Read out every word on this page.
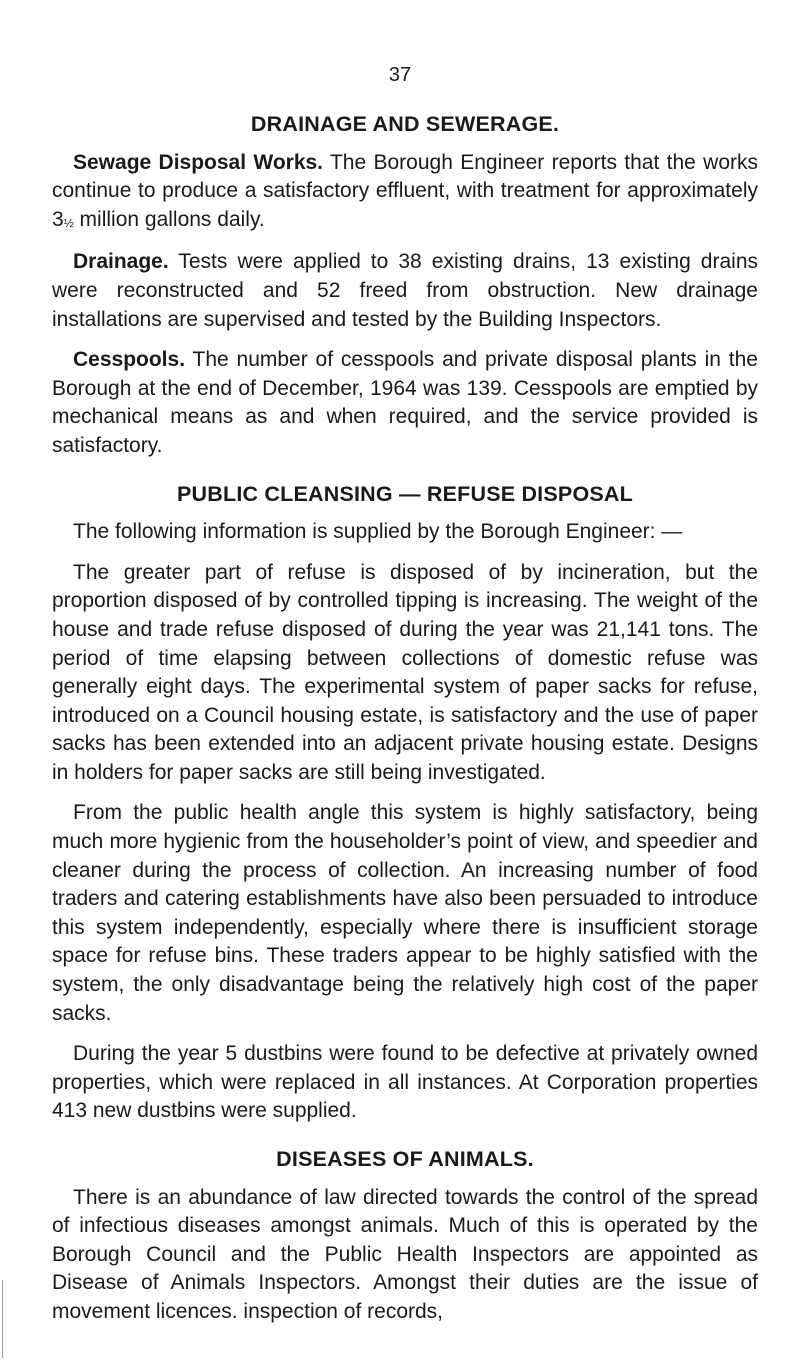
37
DRAINAGE AND SEWERAGE.

Sewage Disposal Works. The Borough Engineer reports that the works continue to produce a satisfactory effluent, with treatment for approximately 3½ million gallons daily.

Drainage. Tests were applied to 38 existing drains, 13 existing drains were reconstructed and 52 freed from obstruction. New drainage installations are supervised and tested by the Building Inspectors.

Cesspools. The number of cesspools and private disposal plants in the Borough at the end of December, 1964 was 139. Cesspools are emptied by mechanical means as and when required, and the service provided is satisfactory.

PUBLIC CLEANSING — REFUSE DISPOSAL

The following information is supplied by the Borough Engineer: —

The greater part of refuse is disposed of by incineration, but the proportion disposed of by controlled tipping is increasing. The weight of the house and trade refuse disposed of during the year was 21,141 tons. The period of time elapsing between collections of domestic refuse was generally eight days. The experimental system of paper sacks for refuse, introduced on a Council housing estate, is satisfactory and the use of paper sacks has been extended into an adjacent private housing estate. Designs in holders for paper sacks are still being investigated.

From the public health angle this system is highly satisfactory, being much more hygienic from the householder’s point of view, and speedier and cleaner during the process of collection. An increasing number of food traders and catering establishments have also been persuaded to introduce this system independently, especially where there is insufficient storage space for refuse bins. These traders appear to be highly satisfied with the system, the only disadvantage being the relatively high cost of the paper sacks.

During the year 5 dustbins were found to be defective at privately owned properties, which were replaced in all instances. At Corporation properties 413 new dustbins were supplied.

DISEASES OF ANIMALS.

There is an abundance of law directed towards the control of the spread of infectious diseases amongst animals. Much of this is operated by the Borough Council and the Public Health Inspectors are appointed as Disease of Animals Inspectors. Amongst their duties are the issue of movement licences. inspection of records,
